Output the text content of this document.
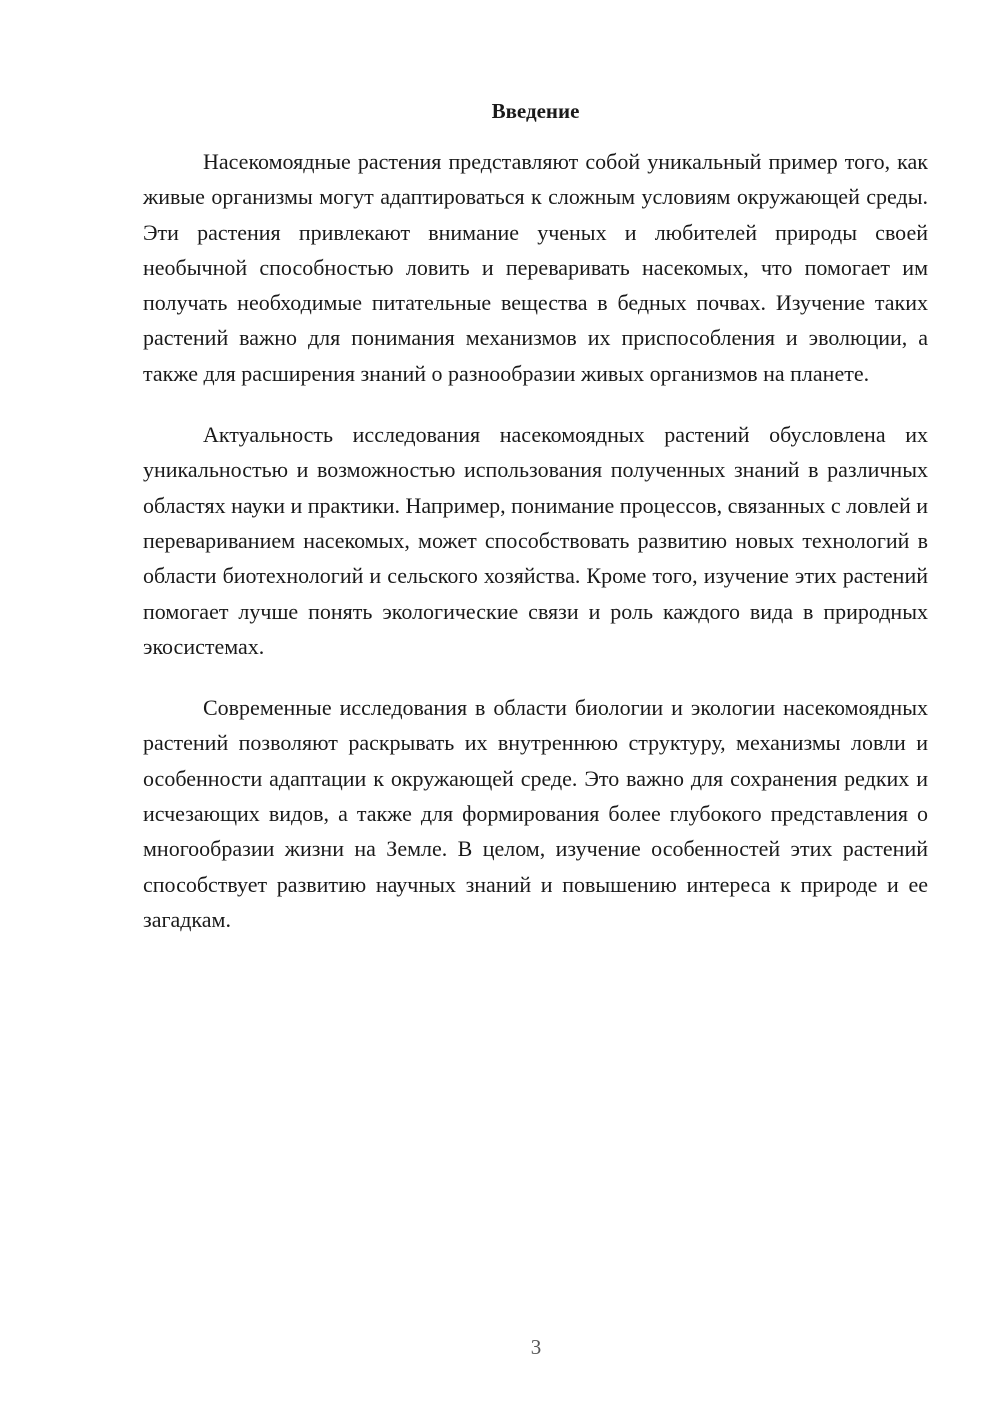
Введение

Насекомоядные растения представляют собой уникальный пример того, как живые организмы могут адаптироваться к сложным условиям окружающей среды. Эти растения привлекают внимание ученых и любителей природы своей необычной способностью ловить и переваривать насекомых, что помогает им получать необходимые питательные вещества в бедных почвах. Изучение таких растений важно для понимания механизмов их приспособления и эволюции, а также для расширения знаний о разнообразии живых организмов на планете.

Актуальность исследования насекомоядных растений обусловлена их уникальностью и возможностью использования полученных знаний в различных областях науки и практики. Например, понимание процессов, связанных с ловлей и перевариванием насекомых, может способствовать развитию новых технологий в области биотехнологий и сельского хозяйства. Кроме того, изучение этих растений помогает лучше понять экологические связи и роль каждого вида в природных экосистемах.

Современные исследования в области биологии и экологии насекомоядных растений позволяют раскрывать их внутреннюю структуру, механизмы ловли и особенности адаптации к окружающей среде. Это важно для сохранения редких и исчезающих видов, а также для формирования более глубокого представления о многообразии жизни на Земле. В целом, изучение особенностей этих растений способствует развитию научных знаний и повышению интереса к природе и ее загадкам.

3
